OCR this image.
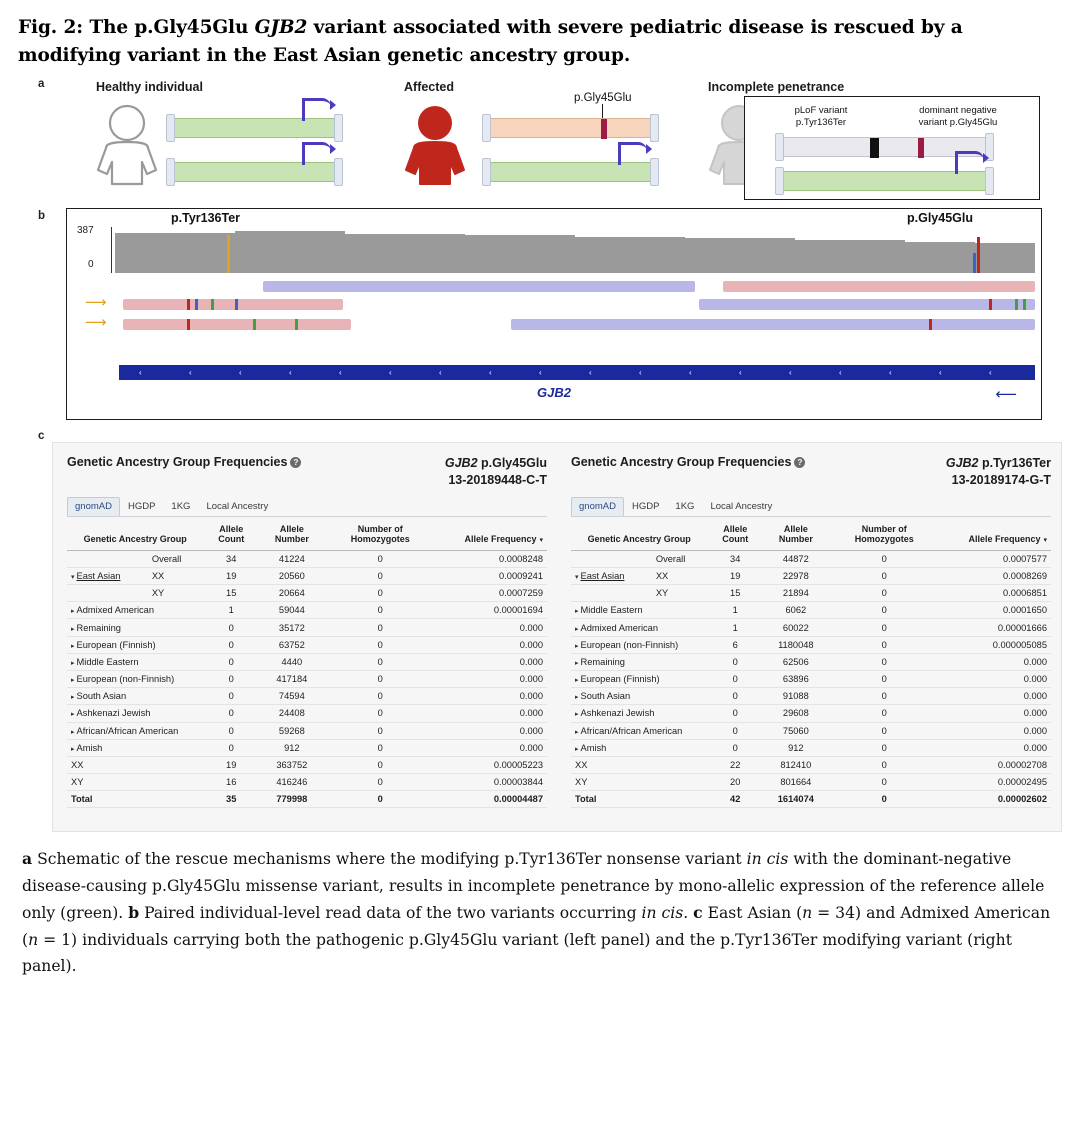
Fig. 2: The p.Gly45Glu GJB2 variant associated with severe pediatric disease is rescued by a modifying variant in the East Asian genetic ancestry group.
a	Healthy individual	Affected	Incomplete penetrance
p.Gly45Glu
pLoF variant
p.Tyr136Ter
dominant negative
variant p.Gly45Glu
b
387
0
p.Tyr136Ter	p.Gly45Glu
⟶
⟶
‹	‹	‹	‹	‹	‹	‹	‹	‹	‹	‹	‹	‹	‹	‹	‹	‹	‹
GJB2	⟵
c
Genetic Ancestry Group Frequencies ?	GJB2 p.Gly45Glu
13-20189448-C-T
gnomAD	HGDP	1KG	Local Ancestry
Genetic Ancestry Group		Allele Count	Allele Number	Number of Homozygotes	Allele Frequency ▾
	Overall	34	41224	0	0.0008248
▾ East Asian	XX	19	20560	0	0.0009241
	XY	15	20664	0	0.0007259
▸ Admixed American		1	59044	0	0.00001694
▸ Remaining		0	35172	0	0.000
▸ European (Finnish)		0	63752	0	0.000
▸ Middle Eastern		0	4440	0	0.000
▸ European (non-Finnish)		0	417184	0	0.000
▸ South Asian		0	74594	0	0.000
▸ Ashkenazi Jewish		0	24408	0	0.000
▸ African/African American		0	59268	0	0.000
▸ Amish		0	912	0	0.000
XX		19	363752	0	0.00005223
XY		16	416246	0	0.00003844
Total		35	779998	0	0.00004487
Genetic Ancestry Group Frequencies ?	GJB2 p.Tyr136Ter
13-20189174-G-T
gnomAD	HGDP	1KG	Local Ancestry
Genetic Ancestry Group		Allele Count	Allele Number	Number of Homozygotes	Allele Frequency ▾
	Overall	34	44872	0	0.0007577
▾ East Asian	XX	19	22978	0	0.0008269
	XY	15	21894	0	0.0006851
▸ Middle Eastern		1	6062	0	0.0001650
▸ Admixed American		1	60022	0	0.00001666
▸ European (non-Finnish)		6	1180048	0	0.000005085
▸ Remaining		0	62506	0	0.000
▸ European (Finnish)		0	63896	0	0.000
▸ South Asian		0	91088	0	0.000
▸ Ashkenazi Jewish		0	29608	0	0.000
▸ African/African American		0	75060	0	0.000
▸ Amish		0	912	0	0.000
XX		22	812410	0	0.00002708
XY		20	801664	0	0.00002495
Total		42	1614074	0	0.00002602
a Schematic of the rescue mechanisms where the modifying p.Tyr136Ter nonsense variant in cis with the dominant-negative disease-causing p.Gly45Glu missense variant, results in incomplete penetrance by mono-allelic expression of the reference allele only (green). b Paired individual-level read data of the two variants occurring in cis. c East Asian (n = 34) and Admixed American (n = 1) individuals carrying both the pathogenic p.Gly45Glu variant (left panel) and the p.Tyr136Ter modifying variant (right panel).
